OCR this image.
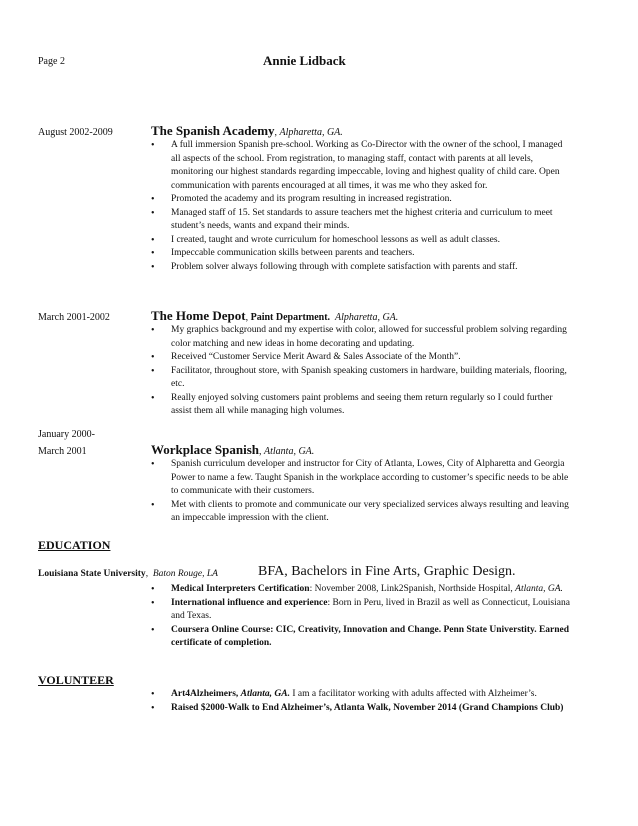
Page 2	Annie Lidback
August 2002-2009	The Spanish Academy, Alpharetta, GA.
• A full immersion Spanish pre-school. Working as Co-Director with the owner of the school, I managed all aspects of the school. From registration, to managing staff, contact with parents at all levels, monitoring our highest standards regarding impeccable, loving and highest quality of child care. Open communication with parents encouraged at all times, it was me who they asked for.
• Promoted the academy and its program resulting in increased registration.
• Managed staff of 15. Set standards to assure teachers met the highest criteria and curriculum to meet student’s needs, wants and expand their minds.
• I created, taught and wrote curriculum for homeschool lessons as well as adult classes.
• Impeccable communication skills between parents and teachers.
• Problem solver always following through with complete satisfaction with parents and staff.
March 2001-2002	The Home Depot, Paint Department. Alpharetta, GA.
• My graphics background and my expertise with color, allowed for successful problem solving regarding color matching and new ideas in home decorating and updating.
• Received “Customer Service Merit Award & Sales Associate of the Month”.
• Facilitator, throughout store, with Spanish speaking customers in hardware, building materials, flooring, etc.
• Really enjoyed solving customers paint problems and seeing them return regularly so I could further assist them all while managing high volumes.
January 2000-
March 2001	Workplace Spanish, Atlanta, GA.
• Spanish curriculum developer and instructor for City of Atlanta, Lowes, City of Alpharetta and Georgia Power to name a few. Taught Spanish in the workplace according to customer’s specific needs to be able to communicate with their customers.
• Met with clients to promote and communicate our very specialized services always resulting and leaving an impeccable impression with the client.
EDUCATION
Louisiana State University,  Baton Rouge, LA	BFA, Bachelors in Fine Arts, Graphic Design.
• Medical Interpreters Certification: November 2008, Link2Spanish, Northside Hospital, Atlanta, GA.
• International influence and experience: Born in Peru, lived in Brazil as well as Connecticut, Louisiana and Texas.
• Coursera Online Course: CIC, Creativity, Innovation and Change. Penn State Universtity. Earned certificate of completion.
VOLUNTEER
• Art4Alzheimers, Atlanta, GA. I am a facilitator working with adults affected with Alzheimer’s.
• Raised $2000-Walk to End Alzheimer’s, Atlanta Walk, November 2014 (Grand Champions Club)
